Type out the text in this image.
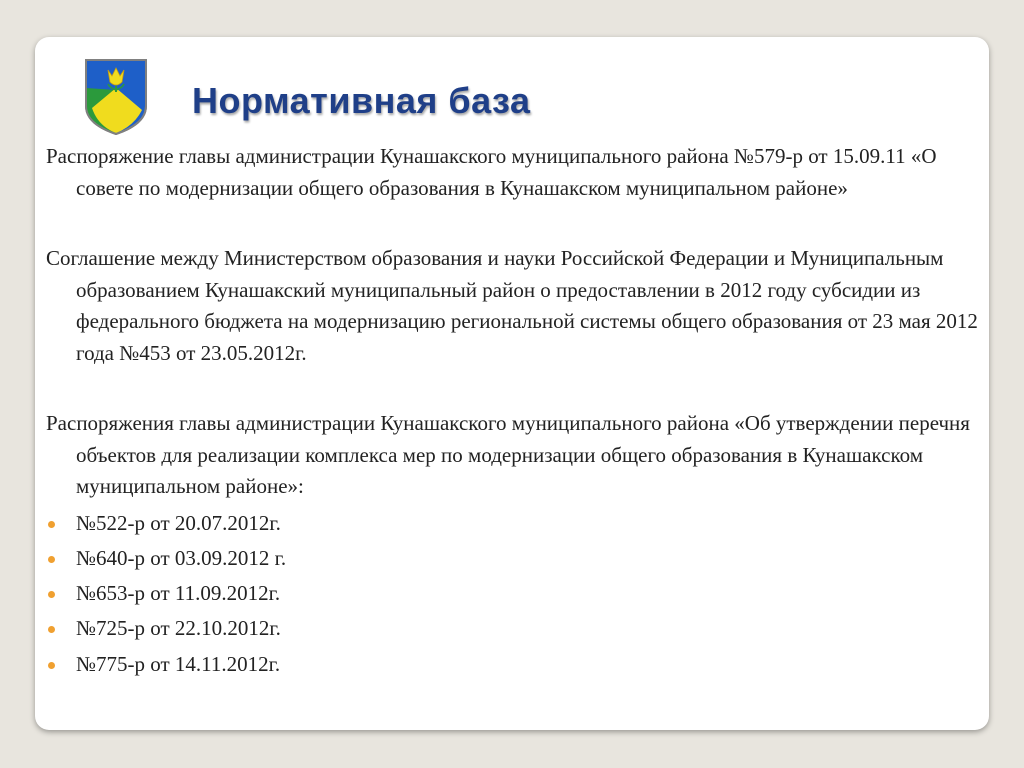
Нормативная база

Распоряжение главы администрации Кунашакского муниципального района №579-р от 15.09.11 «О совете по модернизации общего образования в Кунашакском муниципальном районе»

Соглашение между Министерством образования и науки Российской Федерации и Муниципальным образованием Кунашакский муниципальный район о предоставлении в 2012 году субсидии из федерального бюджета на модернизацию региональной системы общего образования от 23 мая 2012 года №453 от 23.05.2012г.

Распоряжения главы администрации Кунашакского муниципального района «Об утверждении перечня объектов для реализации комплекса мер по модернизации общего образования в Кунашакском муниципальном районе»:

№522-р от 20.07.2012г.
№640-р от 03.09.2012 г.
№653-р от 11.09.2012г.
№725-р от 22.10.2012г.
№775-р от 14.11.2012г.
